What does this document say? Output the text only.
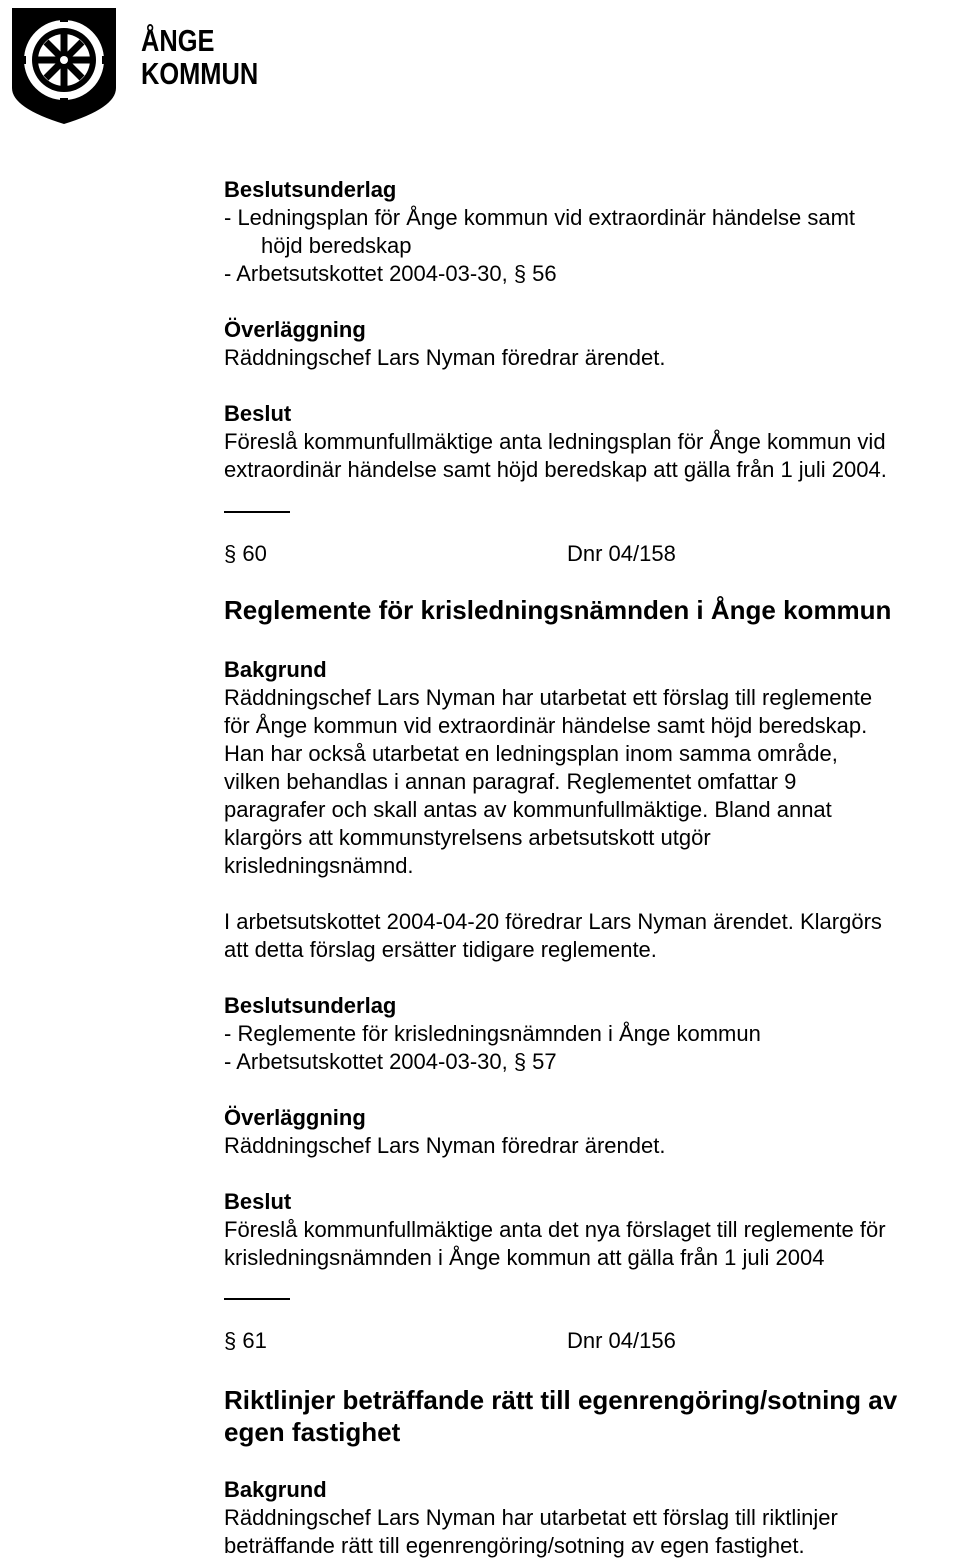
ÅNGE
KOMMUN
Beslutsunderlag
- Ledningsplan för Ånge kommun vid extraordinär händelse samt
höjd beredskap
- Arbetsutskottet 2004-03-30, § 56
Överläggning
Räddningschef Lars Nyman föredrar ärendet.
Beslut
Föreslå kommunfullmäktige anta ledningsplan för Ånge kommun vid
extraordinär händelse samt höjd beredskap att gälla från 1 juli 2004.
§ 60	Dnr 04/158
Reglemente för krisledningsnämnden i Ånge kommun
Bakgrund
Räddningschef Lars Nyman har utarbetat ett förslag till reglemente
för Ånge kommun vid extraordinär händelse samt höjd beredskap.
Han har också utarbetat en ledningsplan inom samma område,
vilken behandlas i annan paragraf. Reglementet omfattar 9
paragrafer och skall antas av kommunfullmäktige. Bland annat
klargörs att kommunstyrelsens arbetsutskott utgör
krisledningsnämnd.
I arbetsutskottet 2004-04-20 föredrar Lars Nyman ärendet. Klargörs
att detta förslag ersätter tidigare reglemente.
Beslutsunderlag
- Reglemente för krisledningsnämnden i Ånge kommun
- Arbetsutskottet 2004-03-30, § 57
Överläggning
Räddningschef Lars Nyman föredrar ärendet.
Beslut
Föreslå kommunfullmäktige anta det nya förslaget till reglemente för
krisledningsnämnden i Ånge kommun att gälla från 1 juli 2004
§ 61	Dnr 04/156
Riktlinjer beträffande rätt till egenrengöring/sotning av
egen fastighet
Bakgrund
Räddningschef Lars Nyman har utarbetat ett förslag till riktlinjer
beträffande rätt till egenrengöring/sotning av egen fastighet.
